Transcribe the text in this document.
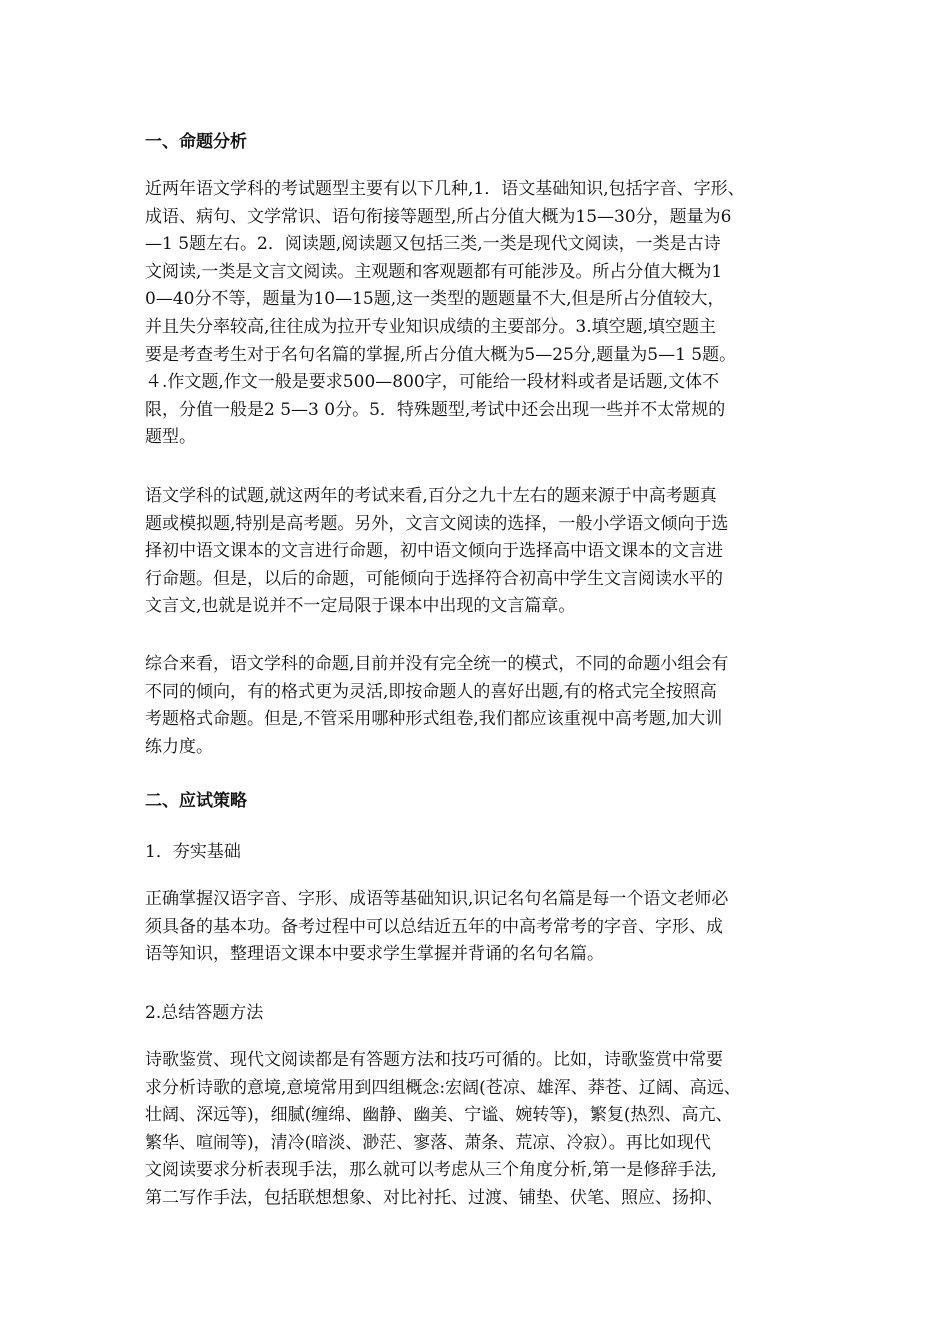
一、命题分析
近两年语文学科的考试题型主要有以下几种,1．语文基础知识,包括字音、字形、
成语、病句、文学常识、语句衔接等题型,所占分值大概为15—30分，题量为6
—1 5题左右。2．阅读题,阅读题又包括三类,一类是现代文阅读，一类是古诗
文阅读,一类是文言文阅读。主观题和客观题都有可能涉及。所占分值大概为1
0—40分不等，题量为10—15题,这一类型的题题量不大,但是所占分值较大，
并且失分率较高,往往成为拉开专业知识成绩的主要部分。3.填空题,填空题主
要是考查考生对于名句名篇的掌握,所占分值大概为5—25分,题量为5—1 5题。
４.作文题,作文一般是要求500—800字，可能给一段材料或者是话题,文体不
限，分值一般是2 5—3 0分。5．特殊题型,考试中还会出现一些并不太常规的
题型。
语文学科的试题,就这两年的考试来看,百分之九十左右的题来源于中高考题真
题或模拟题,特别是高考题。另外，文言文阅读的选择，一般小学语文倾向于选
择初中语文课本的文言进行命题，初中语文倾向于选择高中语文课本的文言进
行命题。但是，以后的命题，可能倾向于选择符合初高中学生文言阅读水平的
文言文,也就是说并不一定局限于课本中出现的文言篇章。
综合来看，语文学科的命题,目前并没有完全统一的模式，不同的命题小组会有
不同的倾向，有的格式更为灵活,即按命题人的喜好出题,有的格式完全按照高
考题格式命题。但是,不管采用哪种形式组卷,我们都应该重视中高考题,加大训
练力度。
二、应试策略
1．夯实基础
正确掌握汉语字音、字形、成语等基础知识,识记名句名篇是每一个语文老师必
须具备的基本功。备考过程中可以总结近五年的中高考常考的字音、字形、成
语等知识，整理语文课本中要求学生掌握并背诵的名句名篇。
2.总结答题方法
诗歌鉴赏、现代文阅读都是有答题方法和技巧可循的。比如，诗歌鉴赏中常要
求分析诗歌的意境,意境常用到四组概念:宏阔(苍凉、雄浑、莽苍、辽阔、高远、
壮阔、深远等)，细腻(缠绵、幽静、幽美、宁谧、婉转等)，繁复(热烈、高亢、
繁华、喧闹等)，清冷(暗淡、渺茫、寥落、萧条、荒凉、冷寂）。再比如现代
文阅读要求分析表现手法，那么就可以考虑从三个角度分析,第一是修辞手法,
第二写作手法，包括联想想象、对比衬托、过渡、铺垫、伏笔、照应、扬抑、
